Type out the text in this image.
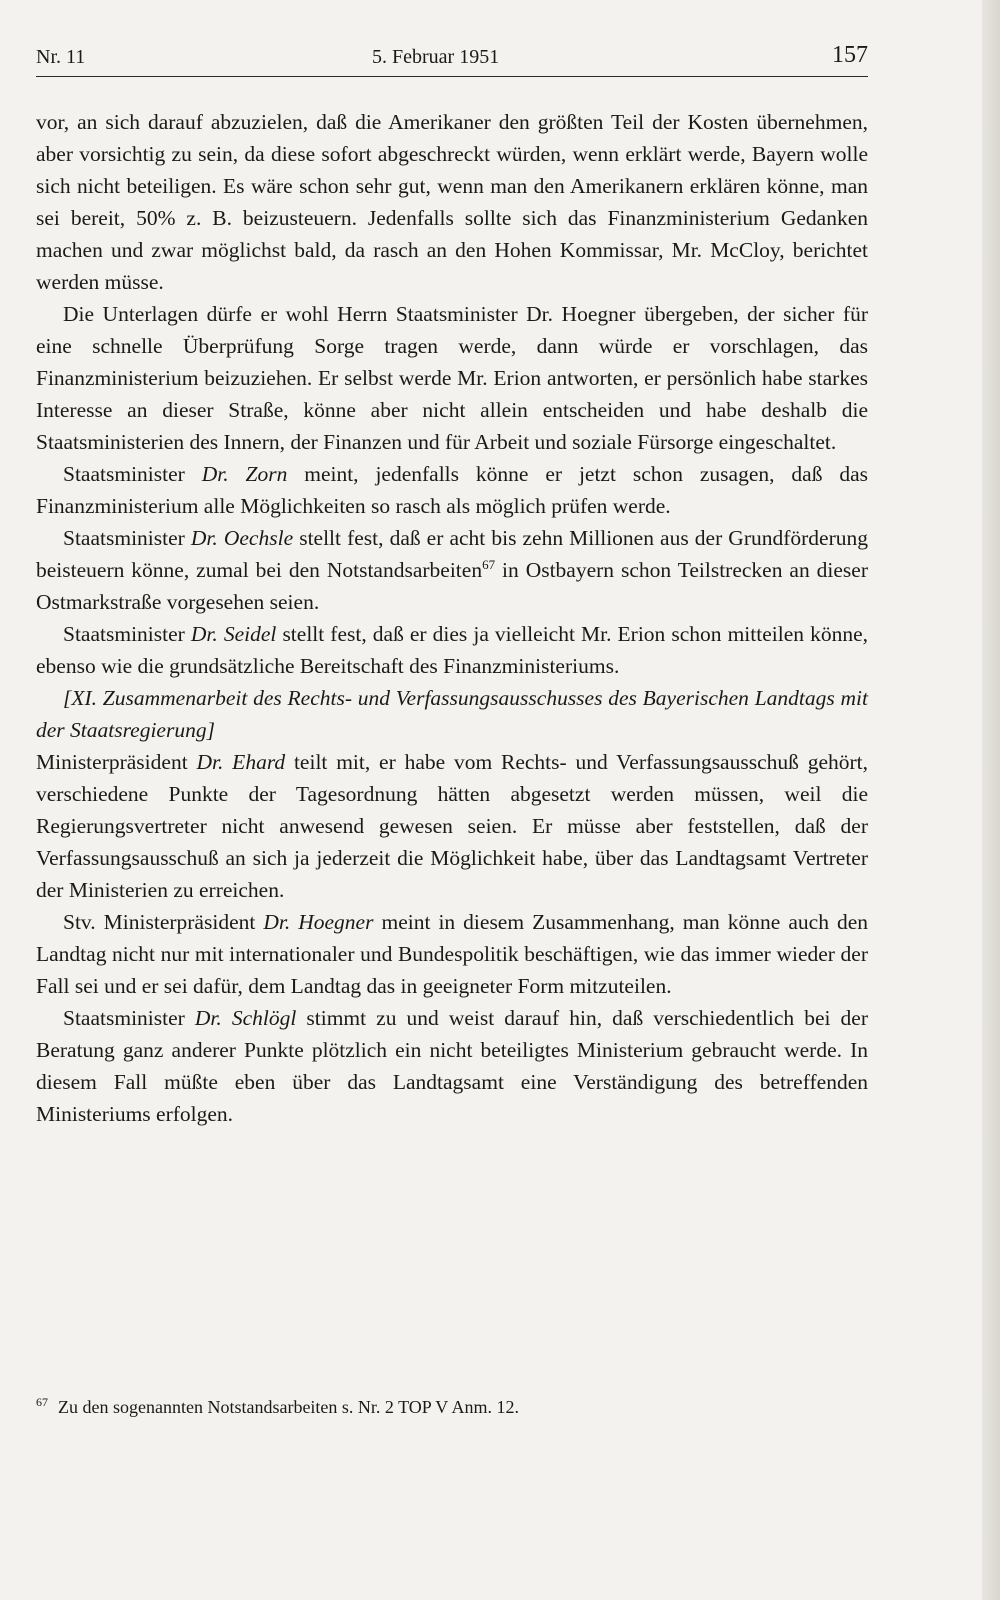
Nr. 11	5. Februar 1951	157

vor, an sich darauf abzuzielen, daß die Amerikaner den größten Teil der Kosten übernehmen, aber vorsichtig zu sein, da diese sofort abgeschreckt würden, wenn erklärt werde, Bayern wolle sich nicht beteiligen. Es wäre schon sehr gut, wenn man den Amerikanern erklären könne, man sei bereit, 50% z. B. beizusteuern. Jedenfalls sollte sich das Finanzministerium Gedanken machen und zwar möglichst bald, da rasch an den Hohen Kommissar, Mr. McCloy, berichtet werden müsse.

Die Unterlagen dürfe er wohl Herrn Staatsminister Dr. Hoegner übergeben, der sicher für eine schnelle Überprüfung Sorge tragen werde, dann würde er vorschlagen, das Finanzministerium beizuziehen. Er selbst werde Mr. Erion antworten, er persönlich habe starkes Interesse an dieser Straße, könne aber nicht allein entscheiden und habe deshalb die Staatsministerien des Innern, der Finanzen und für Arbeit und soziale Fürsorge eingeschaltet.

Staatsminister Dr. Zorn meint, jedenfalls könne er jetzt schon zusagen, daß das Finanzministerium alle Möglichkeiten so rasch als möglich prüfen werde.

Staatsminister Dr. Oechsle stellt fest, daß er acht bis zehn Millionen aus der Grundförderung beisteuern könne, zumal bei den Notstandsarbeiten$^{67}$ in Ostbayern schon Teilstrecken an dieser Ostmarkstraße vorgesehen seien.

Staatsminister Dr. Seidel stellt fest, daß er dies ja vielleicht Mr. Erion schon mitteilen könne, ebenso wie die grundsätzliche Bereitschaft des Finanzministeriums.

[XI. Zusammenarbeit des Rechts- und Verfassungsausschusses des Bayerischen Landtags mit der Staatsregierung]

Ministerpräsident Dr. Ehard teilt mit, er habe vom Rechts- und Verfassungsausschuß gehört, verschiedene Punkte der Tagesordnung hätten abgesetzt werden müssen, weil die Regierungsvertreter nicht anwesend gewesen seien. Er müsse aber feststellen, daß der Verfassungsausschuß an sich ja jederzeit die Möglichkeit habe, über das Landtagsamt Vertreter der Ministerien zu erreichen.

Stv. Ministerpräsident Dr. Hoegner meint in diesem Zusammenhang, man könne auch den Landtag nicht nur mit internationaler und Bundespolitik beschäftigen, wie das immer wieder der Fall sei und er sei dafür, dem Landtag das in geeigneter Form mitzuteilen.

Staatsminister Dr. Schlögl stimmt zu und weist darauf hin, daß verschiedentlich bei der Beratung ganz anderer Punkte plötzlich ein nicht beteiligtes Ministerium gebraucht werde. In diesem Fall müßte eben über das Landtagsamt eine Verständigung des betreffenden Ministeriums erfolgen.

$^{67}$ Zu den sogenannten Notstandsarbeiten s. Nr. 2 TOP V Anm. 12.
